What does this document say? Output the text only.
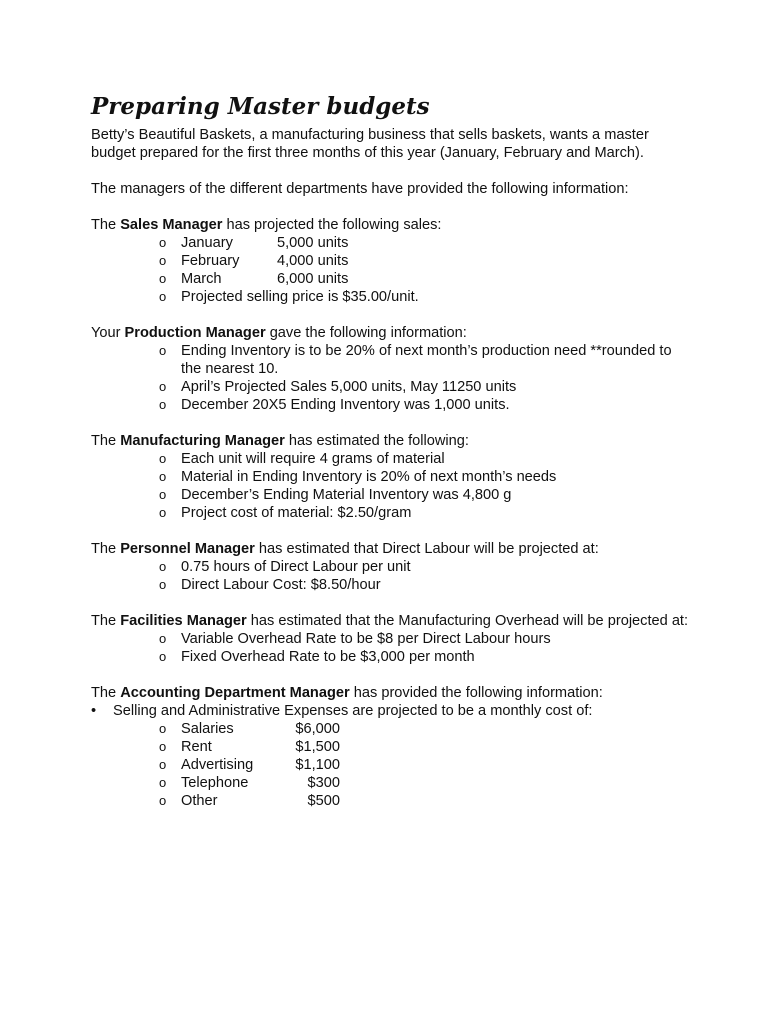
Preparing Master budgets

Betty’s Beautiful Baskets, a manufacturing business that sells baskets, wants a master budget prepared for the first three months of this year (January, February and March).

The managers of the different departments have provided the following information:

The Sales Manager has projected the following sales:

o January	5,000 units
o February	4,000 units
o March	6,000 units
o Projected selling price is $35.00/unit.

Your Production Manager gave the following information:

o Ending Inventory is to be 20% of next month’s production need **rounded to the nearest 10.
o April’s Projected Sales 5,000 units, May 11250 units
o December 20X5 Ending Inventory was 1,000 units.

The Manufacturing Manager has estimated the following:

o Each unit will require 4 grams of material
o Material in Ending Inventory is 20% of next month’s needs
o December’s Ending Material Inventory was 4,800 g
o Project cost of material: $2.50/gram

The Personnel Manager has estimated that Direct Labour will be projected at:

o 0.75 hours of Direct Labour per unit
o Direct Labour Cost: $8.50/hour

The Facilities Manager has estimated that the Manufacturing Overhead will be projected at:

o Variable Overhead Rate to be $8 per Direct Labour hours
o Fixed Overhead Rate to be $3,000 per month

The Accounting Department Manager has provided the following information:

• Selling and Administrative Expenses are projected to be a monthly cost of:
o Salaries	$6,000
o Rent	$1,500
o Advertising	$1,100
o Telephone	$300
o Other	$500
